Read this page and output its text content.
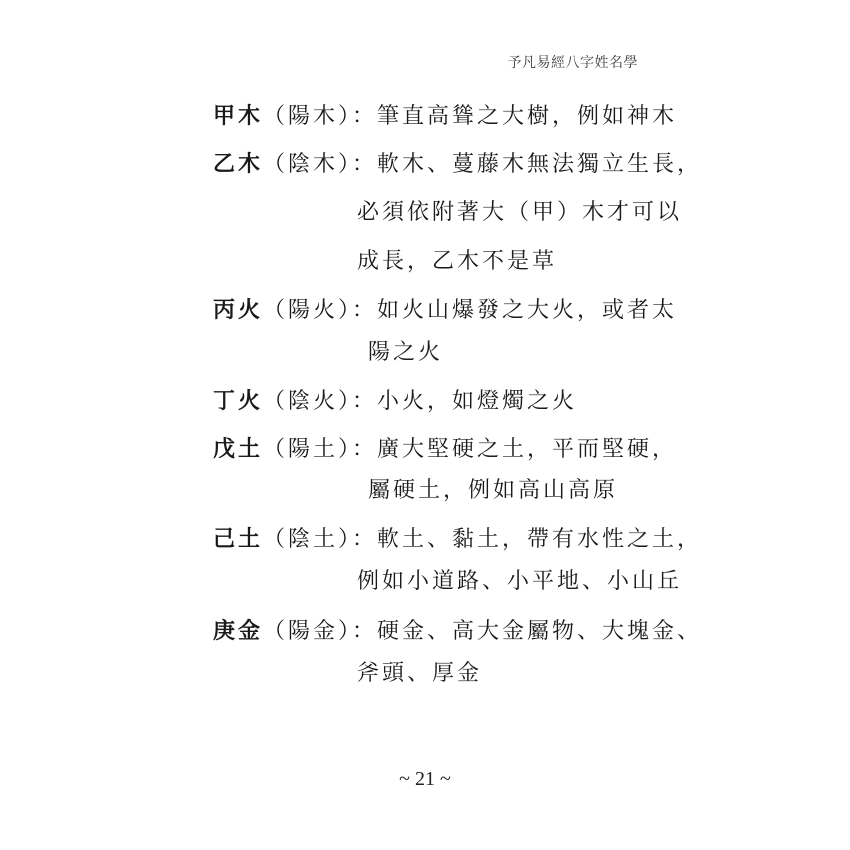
予凡易經八字姓名學
甲木（陽木）：筆直高聳之大樹，例如神木
乙木（陰木）：軟木、蔓藤木無法獨立生長，
必須依附著大（甲）木才可以
成長，乙木不是草
丙火（陽火）：如火山爆發之大火，或者太
陽之火
丁火（陰火）：小火，如燈燭之火
戊土（陽土）：廣大堅硬之土，平而堅硬，
屬硬土，例如高山高原
己土（陰土）：軟土、黏土，帶有水性之土，
例如小道路、小平地、小山丘
庚金（陽金）：硬金、高大金屬物、大塊金、
斧頭、厚金
~ 21 ~
